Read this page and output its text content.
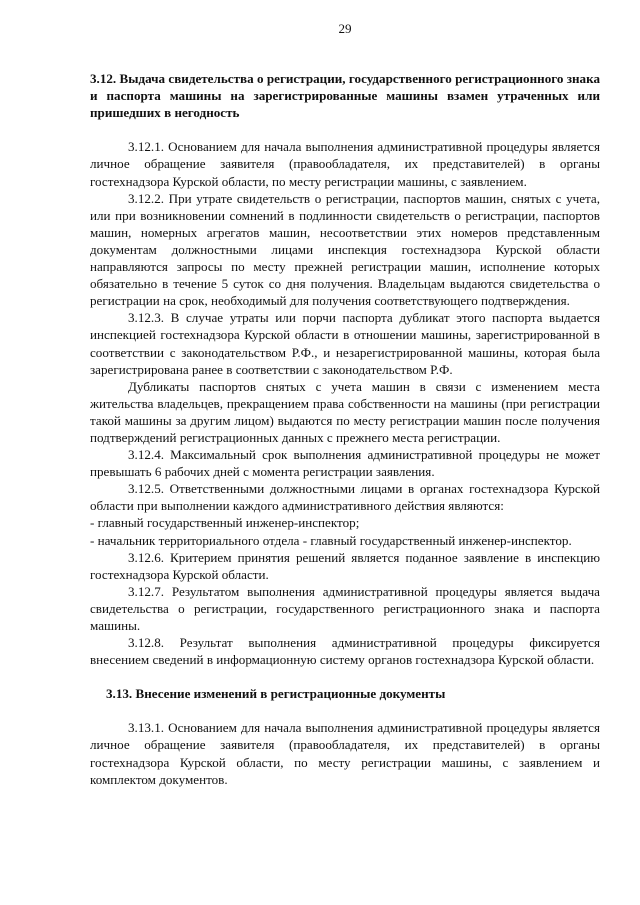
29

3.12. Выдача свидетельства о регистрации, государственного регистрационного знака и паспорта машины на зарегистрированные машины взамен утраченных или пришедших в негодность

3.12.1. Основанием для начала выполнения административной процедуры является личное обращение заявителя (правообладателя, их представителей) в органы гостехнадзора Курской области, по месту регистрации машины, с заявлением.

3.12.2. При утрате свидетельств о регистрации, паспортов машин, снятых с учета, или при возникновении сомнений в подлинности свидетельств о регистрации, паспортов машин, номерных агрегатов машин, несоответствии этих номеров представленным документам должностными лицами инспекция гостехнадзора Курской области направляются запросы по месту прежней регистрации машин, исполнение которых обязательно в течение 5 суток со дня получения. Владельцам выдаются свидетельства о регистрации на срок, необходимый для получения соответствующего подтверждения.

3.12.3. В случае утраты или порчи паспорта дубликат этого паспорта выдается инспекцией гостехнадзора Курской области в отношении машины, зарегистрированной в соответствии с законодательством Р.Ф., и незарегистрированной машины, которая была зарегистрирована ранее в соответствии с законодательством Р.Ф.

Дубликаты паспортов снятых с учета машин в связи с изменением места жительства владельцев, прекращением права собственности на машины (при регистрации такой машины за другим лицом) выдаются по месту регистрации машин после получения подтверждений регистрационных данных с прежнего места регистрации.

3.12.4. Максимальный срок выполнения административной процедуры не может превышать 6 рабочих дней с момента регистрации заявления.

3.12.5. Ответственными должностными лицами в органах гостехнадзора Курской области при выполнении каждого административного действия являются:

- главный государственный инженер-инспектор;

- начальник территориального отдела - главный государственный инженер-инспектор.

3.12.6. Критерием принятия решений является поданное заявление в инспекцию гостехнадзора Курской области.

3.12.7. Результатом выполнения административной процедуры является выдача свидетельства о регистрации, государственного регистрационного знака и паспорта машины.

3.12.8. Результат выполнения административной процедуры фиксируется внесением сведений в информационную систему органов гостехнадзора Курской области.

3.13. Внесение изменений в регистрационные документы

3.13.1. Основанием для начала выполнения административной процедуры является личное обращение заявителя (правообладателя, их представителей) в органы гостехнадзора Курской области, по месту регистрации машины, с заявлением и комплектом документов.
